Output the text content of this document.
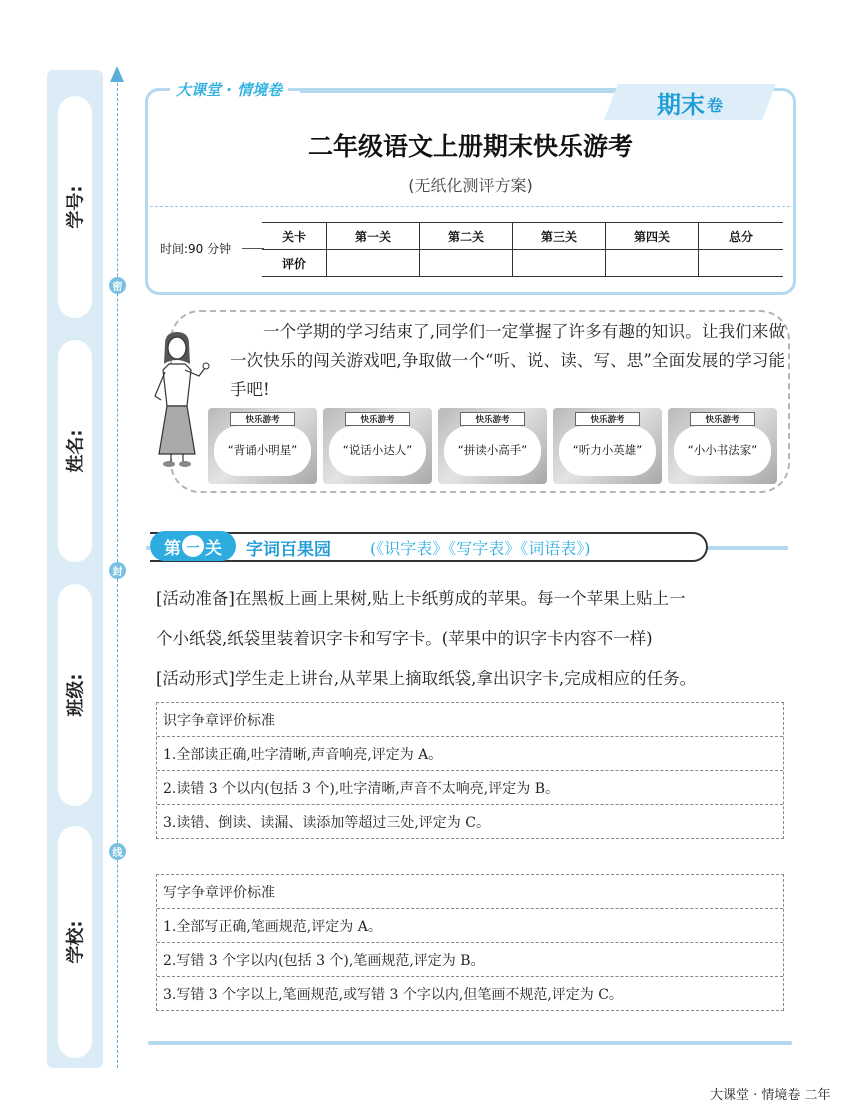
学号:
姓名:
班级:
学校:
密
封
线
大课堂 · 情境卷
期末 卷
二年级语文上册期末快乐游考
(无纸化测评方案)
时间:90 分钟
关卡	第一关	第二关	第三关	第四关	总分
评价					
一个学期的学习结束了,同学们一定掌握了许多有趣的知识。让我们来做一次快乐的闯关游戏吧,争取做一个“听、说、读、写、思”全面发展的学习能手吧!
快乐游考
“背诵小明星”
快乐游考
“说话小达人”
快乐游考
“拼读小高手”
快乐游考
“听力小英雄”
快乐游考
“小小书法家”
第 一 关 字词百果园 (《识字表》《写字表》《词语表》)
[活动准备]在黑板上画上果树,贴上卡纸剪成的苹果。每一个苹果上贴上一
个小纸袋,纸袋里装着识字卡和写字卡。(苹果中的识字卡内容不一样)
[活动形式]学生走上讲台,从苹果上摘取纸袋,拿出识字卡,完成相应的任务。
识字争章评价标准
1.全部读正确,吐字清晰,声音响亮,评定为 A。
2.读错 3 个以内(包括 3 个),吐字清晰,声音不太响亮,评定为 B。
3.读错、倒读、读漏、读添加等超过三处,评定为 C。
写字争章评价标准
1.全部写正确,笔画规范,评定为 A。
2.写错 3 个字以内(包括 3 个),笔画规范,评定为 B。
3.写错 3 个字以上,笔画规范,或写错 3 个字以内,但笔画不规范,评定为 C。
大课堂 · 情境卷 二年
